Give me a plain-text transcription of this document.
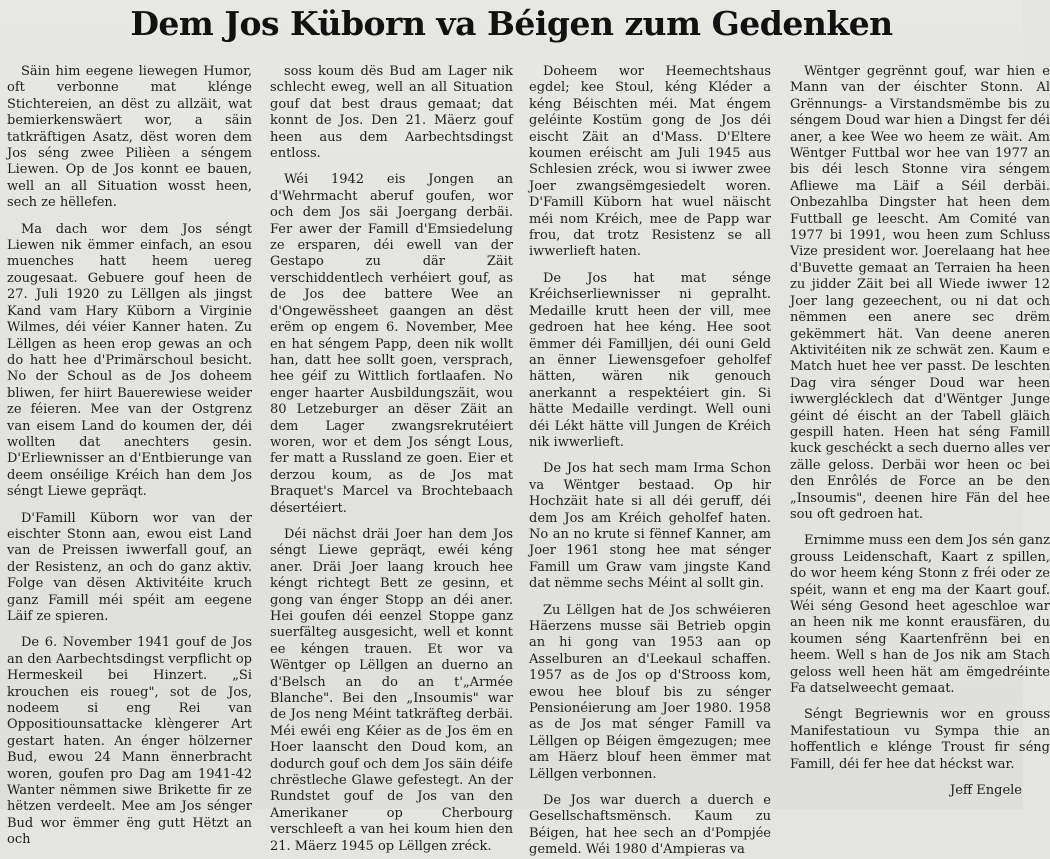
Dem Jos Küborn va Béigen zum Gedenken

Säin him eegene liewegen Humor, oft verbonne mat klénge Stichtereien, an dëst zu allzäit, wat bemierkenswäert wor, a säin tatkräftigen Asatz, dëst woren dem Jos séng zwee Pilièen a séngem Liewen. Op de Jos konnt ee bauen, well an all Situation wosst heen, sech ze hëllefen.

Ma dach wor dem Jos séngt Liewen nik ëmmer einfach, an esou muenches hatt heem uereg zougesaat. Gebuere gouf heen de 27. Juli 1920 zu Lëllgen als jingst Kand vam Hary Küborn a Virginie Wilmes, déi véier Kanner haten. Zu Lëllgen as heen erop gewas an och do hatt hee d'Primärschoul besicht. No der Schoul as de Jos doheem bliwen, fer hiirt Bauerewiese weider ze féieren. Mee van der Ostgrenz van eisem Land do koumen der, déi wollten dat anechters gesin. D'Erliewnisser an d'Entbierunge van deem onséilige Kréich han dem Jos séngt Liewe gepräqt.

D'Famill Küborn wor van der eischter Stonn aan, ewou eist Land van de Preissen iwwerfall gouf, an der Resistenz, an och do ganz aktiv. Folge van dësen Aktivitéite kruch ganz Famill méi spéit am eegene Läif ze spieren.

De 6. November 1941 gouf de Jos an den Aarbechtsdingst verpflicht op Hermeskeil bei Hinzert. „Si krouchen eis roueg", sot de Jos, nodeem si eng Rei van Oppositiounsattacke klèngerer Art gestart haten. An énger hölzerner Bud, ewou 24 Mann ënnerbracht woren, goufen pro Dag am 1941-42 Wanter nëmmen siwe Brikette fir ze hëtzen verdeelt. Mee am Jos sénger Bud wor ëmmer ëng gutt Hëtzt an och

soss koum dës Bud am Lager nik schlecht eweg, well an all Situation gouf dat best draus gemaat; dat konnt de Jos. Den 21. Mäerz gouf heen aus dem Aarbechtsdingst entloss.

Wéi 1942 eis Jongen an d'Wehrmacht aberuf goufen, wor och dem Jos säi Joergang derbäi. Fer awer der Famill d'Emsiedelung ze ersparen, déi ewell van der Gestapo zu där Zäit verschiddentlech verhéiert gouf, as de Jos dee battere Wee an d'Ongewëssheet gaangen an dëst erëm op engem 6. November, Mee en hat séngem Papp, deen nik wollt han, datt hee sollt goen, versprach, hee géif zu Wittlich fortlaafen. No enger haarter Ausbildungszäit, wou 80 Letzeburger an dëser Zäit an dem Lager zwangsrekrutéiert woren, wor et dem Jos séngt Lous, fer matt a Russland ze goen. Eier et derzou koum, as de Jos mat Braquet's Marcel va Brochtebaach désertéiert.

Déi nächst dräi Joer han dem Jos séngt Liewe gepräqt, ewéi kéng aner. Dräi Joer laang krouch hee kéngt richtegt Bett ze gesinn, et gong van énger Stopp an déi aner. Hei goufen déi eenzel Stoppe ganz suerfälteg ausgesicht, well et konnt ee kéngen trauen. Et wor va Wëntger op Lëllgen an duerno an d'Belsch an do an t'„Armée Blanche". Bei den „Insoumis" war de Jos neng Méint tatkräfteg derbäi. Méi ewéi eng Kéier as de Jos ëm en Hoer laanscht den Doud kom, an dodurch gouf och dem Jos säin déife chrëstleche Glawe gefestegt. An der Rundstet gouf de Jos van den Amerikaner op Cherbourg verschleeft a van hei koum hien den 21. Mäerz 1945 op Lëllgen zréck.

Doheem wor Heemechtshaus egdel; kee Stoul, kéng Kléder a kéng Béischten méi. Mat éngem geléinte Kostüm gong de Jos déi eischt Zäit an d'Mass. D'Eltere koumen eréischt am Juli 1945 aus Schlesien zréck, wou si iwwer zwee Joer zwangsëmgesiedelt woren. D'Famill Küborn hat wuel näischt méi nom Kréich, mee de Papp war frou, dat trotz Resistenz se all iwwerlieft haten.

De Jos hat mat sénge Kréichserliewnisser ni gepralht. Medaille krutt heen der vill, mee gedroen hat hee kéng. Hee soot ëmmer déi Familljen, déi ouni Geld an ënner Liewensgefoer geholfef hätten, wären nik genouch anerkannt a respektéiert gin. Si hätte Medaille verdingt. Well ouni déi Lékt hätte vill Jungen de Kréich nik iwwerlieft.

De Jos hat sech mam Irma Schon va Wëntger bestaad. Op hir Hochzäit hate si all déi geruff, déi dem Jos am Kréich geholfef haten. No an no krute si fënnef Kanner, am Joer 1961 stong hee mat sénger Famill um Graw vam jingste Kand dat nëmme sechs Méint al sollt gin.

Zu Lëllgen hat de Jos schwéieren Häerzens musse säi Betrieb opgin an hi gong van 1953 aan op Asselburen an d'Leekaul schaffen. 1957 as de Jos op d'Strooss kom, ewou hee blouf bis zu sénger Pensionéierung am Joer 1980. 1958 as de Jos mat sénger Famill va Lëllgen op Béigen ëmgezugen; mee am Häerz blouf heen ëmmer mat Lëllgen verbonnen.

De Jos war duerch a duerch e Gesellschaftsmënsch. Kaum zu Béigen, hat hee sech an d'Pompjée gemeld. Wéi 1980 d'Ampieras va

Wëntger gegrënnt gouf, war hien e Mann van der éischter Stonn. Al Grënnungs- a Virstandsmëmbe bis zu séngem Doud war hien a Dingst fer déi aner, a kee Wee wo heem ze wäit. Am Wëntger Futtbal wor hee van 1977 an bis déi lesch Stonne vira séngem Afliewe ma Läif a Séil derbäi. Onbezahlba Dingster hat heen dem Futtball ge leescht. Am Comité van 1977 bi 1991, wou heen zum Schluss Vize president wor. Joerelaang hat hee d'Buvette gemaat an Terraien ha heen zu jidder Zäit bei all Wiede iwwer 12 Joer lang gezeechent, ou ni dat och nëmmen een anere sec drëm gekëmmert hät. Van deene aneren Aktivitéiten nik ze schwät zen. Kaum e Match huet hee ver passt. De leschten Dag vira sénger Doud war heen iwwerglécklech dat d'Wëntger Junge géint dé éischt an der Tabell gläich gespill haten. Heen hat séng Famill kuck geschéckt a sech duerno alles ver zälle geloss. Derbäi wor heen oc bei den Enrôlés de Force an be den „Insoumis", deenen hire Fän del hee sou oft gedroen hat.

Ernimme muss een dem Jos sén ganz grouss Leidenschaft, Kaart z spillen, do wor heem kéng Stonn z fréi oder ze spéit, wann et eng ma der Kaart gouf. Wéi séng Gesond heet ageschloe war an heen nik me konnt erausfären, du koumen séng Kaartenfrënn bei en heem. Well s han de Jos nik am Stach geloss well heen hät am ëmgedréinte Fa datselweecht gemaat.

Séngt Begriewnis wor en grouss Manifestatioun vu Sympa thie an hoffentlich e klénge Troust fir séng Famill, déi fer hee dat héckst war.

Jeff Engele
